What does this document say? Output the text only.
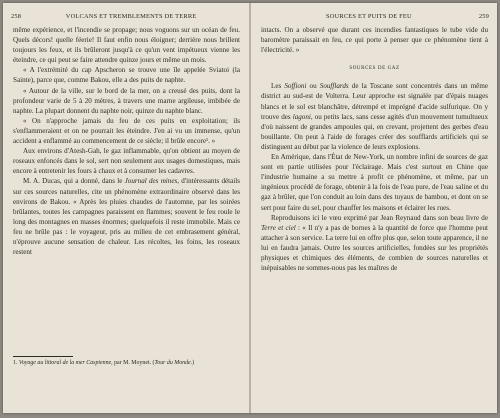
258	VOLCANS ET TREMBLEMENTS DE TERRE

même expérience, et l'incendie se propage; nous voguons sur un océan de feu. Quels décors! quelle féerie! Il faut enfin nous éloigner; derrière nous brillent toujours les feux, et ils brûleront jusqu'à ce qu'un vent impétueux vienne les éteindre, ce qui peut se faire attendre quinze jours et même un mois.

« A l'extrémité du cap Apscheron se trouve une île appelée Sviatoi (la Sainte), parce que, comme Bakou, elle a des puits de naphte.

« Autour de la ville, sur le bord de la mer, on a creusé des puits, dont la profondeur varie de 5 à 20 mètres, à travers une marne argileuse, imbibée de naphte. La plupart donnent du naphte noir, quinze du naphte blanc.

« On n'approche jamais du feu de ces puits en exploitation; ils s'enflammeraient et on ne pourrait les éteindre. J'en ai vu un immense, qu'un accident a enflammé au commencement de ce siècle; il brûle encore¹. »

Aux environs d'Atesh-Gah, le gaz inflammable, qu'on obtient au moyen de roseaux enfoncés dans le sol, sert non seulement aux usages domestiques, mais encore à entretenir les fours à chaux et à consumer les cadavres.

M. A. Ducas, qui a donné, dans le Journal des mines, d'intéressants détails sur ces sources naturelles, cite un phénomène extraordinaire observé dans les environs de Bakou. « Après les pluies chaudes de l'automne, par les soirées brûlantes, toutes les campagnes paraissent en flammes; souvent le feu roule le long des montagnes en masses énormes; quelquefois il reste immobile. Mais ce feu ne brûle pas : le voyageur, pris au milieu de cet embrasement général, n'éprouve aucune sensation de chaleur. Les récoltes, les foins, les roseaux restent

1. Voyage au littoral de la mer Caspienne, par M. Moynet. (Tour du Monde.)
SOURCES ET PUITS DE FEU	259

intacts. On a observé que durant ces incendies fantastiques le tube vide du baromètre paraissait en feu, ce qui porte à penser que ce phénomène tient à l'électricité. »

SOURCES DE GAZ

Les Soffioni ou Soufflards de la Toscane sont concentrés dans un même district au sud-est de Volterra. Leur approche est signalée par d'épais nuages blancs et le sol est blanchâtre, détrempé et imprégné d'acide sulfurique. On y trouve des lagoni, ou petits lacs, sans cesse agités d'un mouvement tumultueux d'où naissent de grandes ampoules qui, en crevant, projettent des gerbes d'eau bouillante. On peut à l'aide de forages créer des soufflards artificiels qui se distinguent au début par la violence de leurs explosions.

En Amérique, dans l'État de New-York, un nombre infini de sources de gaz sont en partie utilisées pour l'éclairage. Mais c'est surtout en Chine que l'industrie humaine a su mettre à profit ce phénomène, et même, par un ingénieux procédé de forage, obtenir à la fois de l'eau pure, de l'eau saline et du gaz à brûler, que l'on conduit au loin dans des tuyaux de bambou, et dont on se sert pour faire du sel, pour chauffer les maisons et éclairer les rues.

Reproduisons ici le vœu exprimé par Jean Reynaud dans son beau livre de Terre et ciel : « Il n'y a pas de bornes à la quantité de force que l'homme peut attacher à son service. La terre lui en offre plus que, selon toute apparence, il ne lui en faudra jamais. Outre les sources artificielles, fondées sur les propriétés physiques et chimiques des éléments, de combien de sources naturelles et inépuisables ne sommes-nous pas les maîtres de
